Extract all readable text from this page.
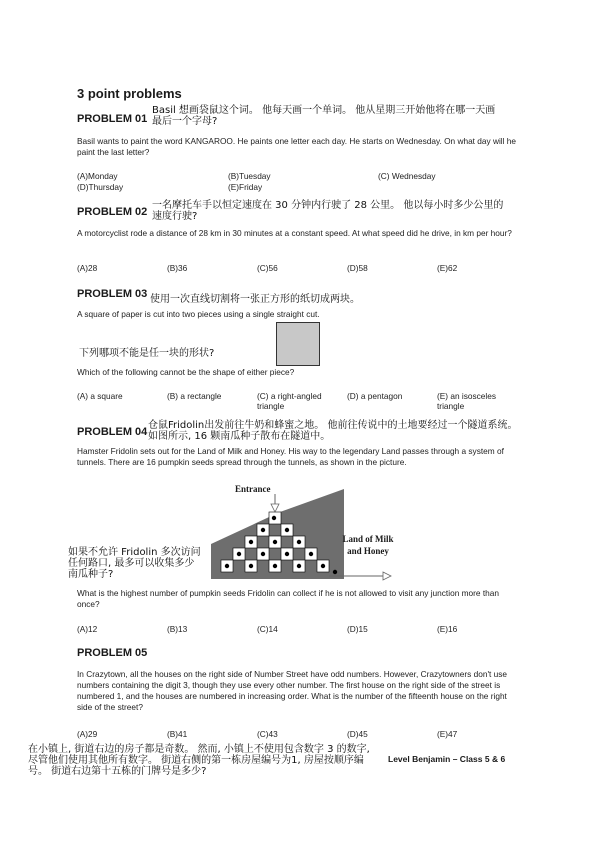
3 point problems
PROBLEM 01
Basil 想画袋鼠这个词。 他每天画一个单词。 他从星期三开始他将在哪一天画最后一个字母?
Basil wants to paint the word KANGAROO. He paints one letter each day. He starts on Wednesday. On what day will he paint the last letter?
(A)Monday	(B)Tuesday	(C) Wednesday
(D)Thursday	(E)Friday
PROBLEM 02
一名摩托车手以恒定速度在 30 分钟内行驶了 28 公里。 他以每小时多少公里的速度行驶?
A motorcyclist rode a distance of 28 km in 30 minutes at a constant speed. At what speed did he drive, in km per hour?
(A)28	(B)36	(C)56	(D)58	(E)62
PROBLEM 03 使用一次直线切割将一张正方形的纸切成两块。
A square of paper is cut into two pieces using a single straight cut.
下列哪项不能是任一块的形状?
Which of the following cannot be the shape of either piece?
(A) a square	(B) a rectangle	(C) a right-angled triangle
(D) a pentagon	(E) an isosceles triangle
PROBLEM 04
仓鼠Fridolin出发前往牛奶和蜂蜜之地。 他前往传说中的土地要经过一个隧道系统。 如图所示, 16 颗南瓜种子散布在隧道中。
Hamster Fridolin sets out for the Land of Milk and Honey. His way to the legendary Land passes through a system of tunnels. There are 16 pumpkin seeds spread through the tunnels, as shown in the picture.
Entrance
Land of Milk and Honey
如果不允许 Fridolin 多次访问任何路口, 最多可以收集多少南瓜种子?
What is the highest number of pumpkin seeds Fridolin can collect if he is not allowed to visit any junction more than once?
(A)12	(B)13	(C)14	(D)15	(E)16
PROBLEM 05
In Crazytown, all the houses on the right side of Number Street have odd numbers. However, Crazytowners don't use numbers containing the digit 3, though they use every other number. The first house on the right side of the street is numbered 1, and the houses are numbered in increasing order. What is the number of the fifteenth house on the right side of the street?
(A)29	(B)41	(C)43	(D)45	(E)47
在小镇上, 街道右边的房子都是奇数。 然而, 小镇上不使用包含数字 3 的数字, 尽管他们使用其他所有数字。 街道右侧的第一栋房屋编号为1, 房屋按顺序编号。 街道右边第十五栋的门牌号是多少?
Level Benjamin – Class 5 & 6
